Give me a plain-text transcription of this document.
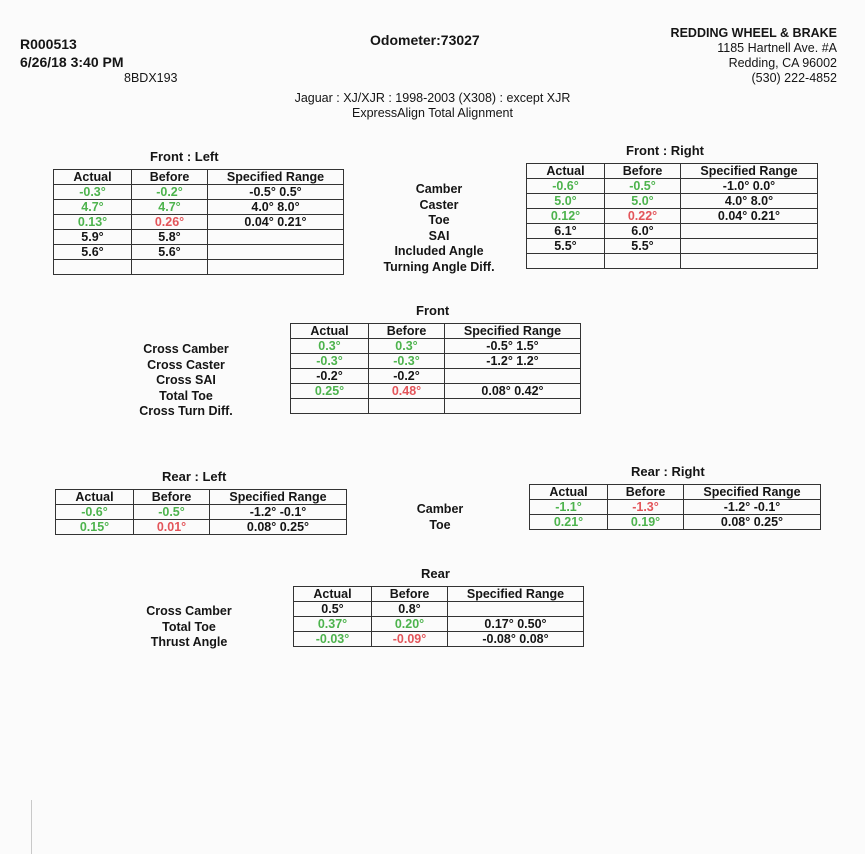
R000513
6/26/18 3:40 PM
8BDX193
Odometer:73027	REDDING WHEEL & BRAKE
1185 Hartnell Ave. #A
Redding, CA 96002
(530) 222-4852
Jaguar : XJ/XJR : 1998-2003 (X308) : except XJR
ExpressAlign Total Alignment
Front : Left
Actual	Before	Specified Range
-0.3°	-0.2°	-0.5° 0.5°
4.7°	4.7°	4.0° 8.0°
0.13°	0.26°	0.04° 0.21°
5.9°	5.8°	
5.6°	5.6°	

Camber
Caster
Toe
SAI
Included Angle
Turning Angle Diff.
Front : Right
Actual	Before	Specified Range
-0.6°	-0.5°	-1.0° 0.0°
5.0°	5.0°	4.0° 8.0°
0.12°	0.22°	0.04° 0.21°
6.1°	6.0°	
5.5°	5.5°	

Front
Cross Camber
Cross Caster
Cross SAI
Total Toe
Cross Turn Diff.
Actual	Before	Specified Range
0.3°	0.3°	-0.5° 1.5°
-0.3°	-0.3°	-1.2° 1.2°
-0.2°	-0.2°	
0.25°	0.48°	0.08° 0.42°

Rear : Left
Actual	Before	Specified Range
-0.6°	-0.5°	-1.2° -0.1°
0.15°	0.01°	0.08° 0.25°
Camber
Toe
Rear : Right
Actual	Before	Specified Range
-1.1°	-1.3°	-1.2° -0.1°
0.21°	0.19°	0.08° 0.25°
Rear
Cross Camber
Total Toe
Thrust Angle
Actual	Before	Specified Range
0.5°	0.8°	
0.37°	0.20°	0.17° 0.50°
-0.03°	-0.09°	-0.08° 0.08°
